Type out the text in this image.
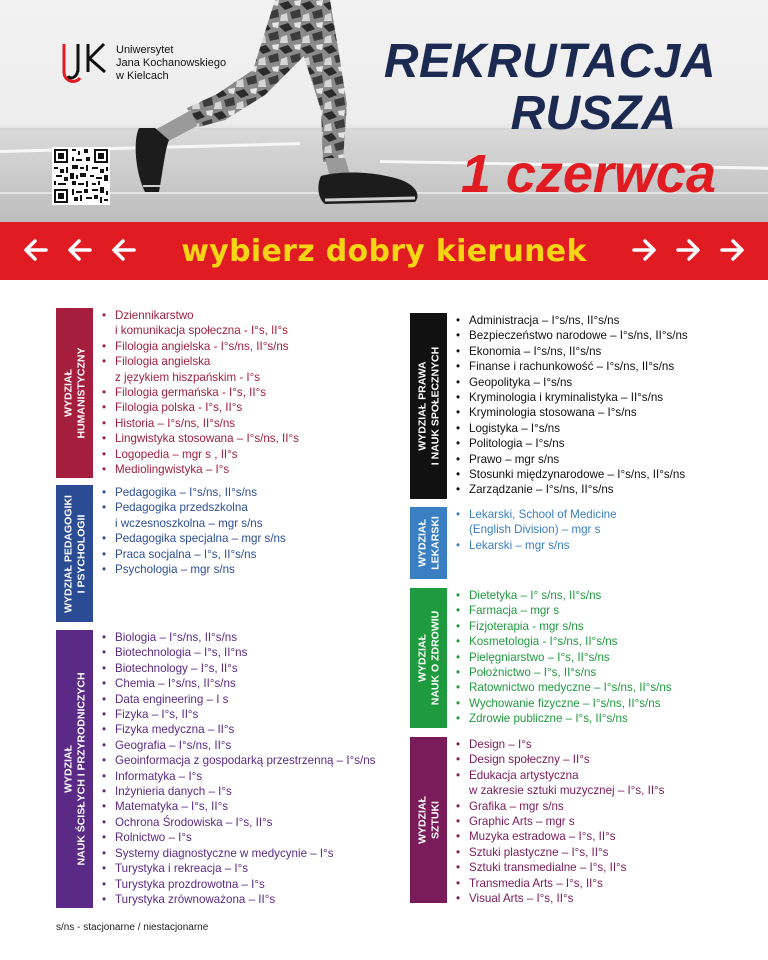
Uniwersytet
Jana Kochanowskiego
w Kielcach	REKRUTACJA
RUSZA
1 czerwca
wybierz dobry kierunek
WYDZIAŁ HUMANISTYCZNY
• Dziennikarstwo
i komunikacja społeczna - I°s, II°s
• Filologia angielska - I°s/ns, II°s/ns
• Filologia angielska
z językiem hiszpańskim - I°s
• Filologia germańska - I°s, II°s
• Filologia polska - I°s, II°s
• Historia – I°s/ns, II°s/ns
• Lingwistyka stosowana – I°s/ns, II°s
• Logopedia – mgr s , II°s
• Mediolingwistyka – I°s
WYDZIAŁ PEDAGOGIKI I PSYCHOLOGII
• Pedagogika – I°s/ns, II°s/ns
• Pedagogika przedszkolna
i wczesnoszkolna – mgr s/ns
• Pedagogika specjalna – mgr s/ns
• Praca socjalna – I°s, II°s/ns
• Psychologia – mgr s/ns
WYDZIAŁ NAUK ŚCISŁYCH I PRZYRODNICZYCH
• Biologia – I°s/ns, II°s/ns
• Biotechnologia – I°s, II°ns
• Biotechnology – I°s, II°s
• Chemia – I°s/ns, II°s/ns
• Data engineering – I s
• Fizyka – I°s, II°s
• Fizyka medyczna – II°s
• Geografia – I°s/ns, II°s
• Geoinformacja z gospodarką przestrzenną – I°s/ns
• Informatyka – I°s
• Inżynieria danych – I°s
• Matematyka – I°s, II°s
• Ochrona Środowiska – I°s, II°s
• Rolnictwo – I°s
• Systemy diagnostyczne w medycynie – I°s
• Turystyka i rekreacja – I°s
• Turystyka prozdrowotna – I°s
• Turystyka zrównoważona – II°s
WYDZIAŁ PRAWA I NAUK SPOŁECZNYCH
• Administracja – I°s/ns, II°s/ns
• Bezpieczeństwo narodowe – I°s/ns, II°s/ns
• Ekonomia – I°s/ns, II°s/ns
• Finanse i rachunkowość – I°s/ns, II°s/ns
• Geopolityka – I°s/ns
• Kryminologia i kryminalistyka – II°s/ns
• Kryminologia stosowana – I°s/ns
• Logistyka – I°s/ns
• Politologia – I°s/ns
• Prawo – mgr s/ns
• Stosunki międzynarodowe – I°s/ns, II°s/ns
• Zarządzanie – I°s/ns, II°s/ns
WYDZIAŁ LEKARSKI
• Lekarski, School of Medicine
(English Division) – mgr s
• Lekarski – mgr s/ns
WYDZIAŁ NAUK O ZDROWIU
• Dietetyka – I° s/ns, II°s/ns
• Farmacja – mgr s
• Fizjoterapia - mgr s/ns
• Kosmetologia - I°s/ns, II°s/ns
• Pielęgniarstwo – I°s, II°s/ns
• Położnictwo – I°s, II°s/ns
• Ratownictwo medyczne – I°s/ns, II°s/ns
• Wychowanie fizyczne – I°s/ns, II°s/ns
• Zdrowie publiczne – I°s, II°s/ns
WYDZIAŁ SZTUKI
• Design – I°s
• Design społeczny – II°s
• Edukacja artystyczna
w zakresie sztuki muzycznej – I°s, II°s
• Grafika – mgr s/ns
• Graphic Arts – mgr s
• Muzyka estradowa – I°s, II°s
• Sztuki plastyczne – I°s, II°s
• Sztuki transmedialne – I°s, II°s
• Transmedia Arts – I°s, II°s
• Visual Arts – I°s, II°s
s/ns - stacjonarne / niestacjonarne
